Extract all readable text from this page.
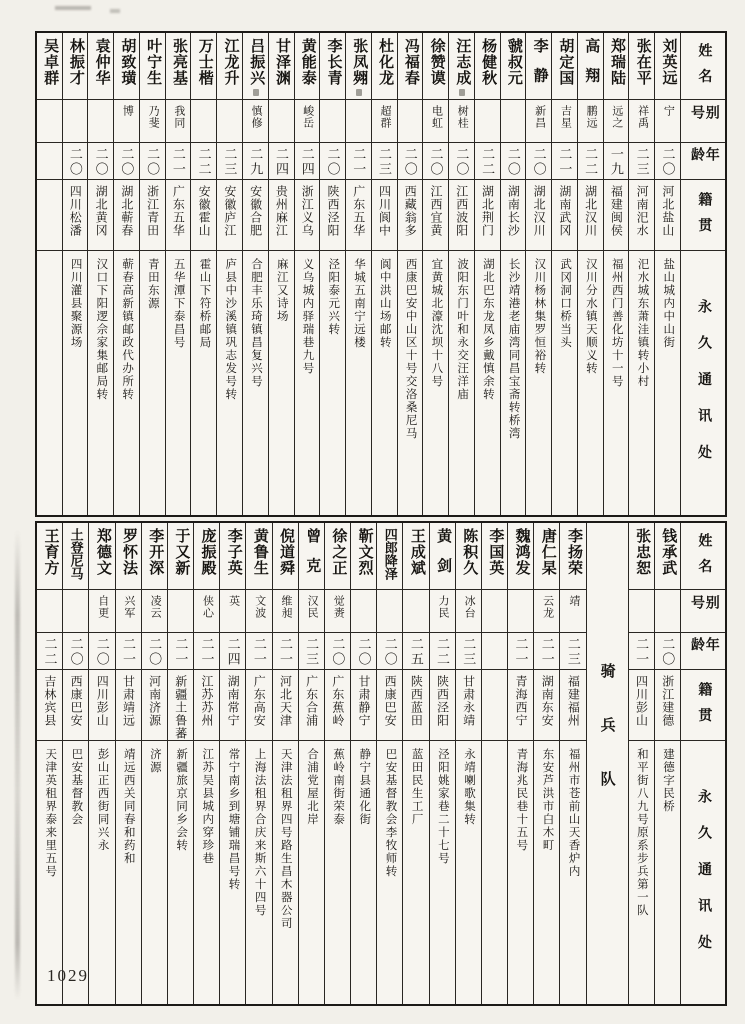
姓名
别号
年龄
籍贯
永久通讯处
刘英远
宁
二〇
河北盐山
盐山城内中山街
张在平
祥禹
二三
河南汜水
汜水城东萧洼镇转小村
郑瑞陆
远之
一九
福建闽侯
福州西门善化坊十一号
高翔
鹏远
二二
湖北汉川
汉川分水镇天顺义转
胡定国
吉星
二一
湖南武冈
武冈洞口桥当头
李静
新昌
二〇
湖北汉川
汉川杨林集罗恒裕转
虢叔元
二〇
湖南长沙
长沙靖港老庙湾同昌宝斋转桥湾
杨健秋
二二
湖北荆门
湖北巴东龙凤乡戴慎余转
汪志成
树桂
二〇
江西波阳
波阳东门叶和永交汪洋庙
徐赞谟
电虹
二〇
江西宜黄
宜黄城北濠沈坝十八号
冯福春
二〇
西藏翁多
西康巴安中山区十号交洛桑尼马
杜化龙
超群
二三
四川阆中
阆中洪山场邮转
张凤翙
二一
广东五华
华城五南宁远楼
李长青
二〇
陕西泾阳
泾阳泰元兴转
黄能泰
峻岳
二四
浙江义乌
义乌城内驿瑞巷九号
甘泽渊
二四
贵州麻江
麻江又诗场
吕振兴
慎修
二九
安徽合肥
合肥丰乐琦镇昌复兴号
江龙升
二三
安徽庐江
庐县中沙溪镇巩志发号转
万士楷
二二
安徽霍山
霍山下符桥邮局
张亮基
我同
二一
广东五华
五华潭下泰昌号
叶宁生
乃斐
二〇
浙江青田
青田东源
胡致璜
博
二〇
湖北蕲春
蕲春高新镇邮政代办所转
袁仲华
二〇
湖北黄冈
汉口下阳逻佘家集邮局转
林振才
二〇
四川松潘
四川灌县聚源场
吴卓群
姓名
别号
年龄
籍贯
永久通讯处
钱承武
二〇
浙江建德
建德字民桥
张忠恕
二一
四川彭山
和平街八九号原系步兵第一队
骑兵队
李扬荣
靖
二三
福建福州
福州市苍前山天香炉内
唐仁杲
云龙
二一
湖南东安
东安芦洪市白木町
魏鸿发
二一
青海西宁
青海兆民巷十五号
李国英
陈积久
冰台
二三
甘肃永靖
永靖喇歌集转
黄剑
力民
二二
陕西泾阳
泾阳姚家巷二十七号
王成斌
二五
陕西蓝田
蓝田民生工厂
四郎降泽
二〇
西康巴安
巴安基督教会李牧师转
靳文烈
二〇
甘肃静宁
静宁县通化街
徐之正
觉赉
二〇
广东蕉岭
蕉岭南街荣泰
曾克
汉民
二三
广东合浦
合浦党屋北岸
倪道舜
维昶
二一
河北天津
天津法租界四号路生昌木器公司
黄鲁生
文波
二一
广东高安
上海法租界合庆来斯六十四号
李子英
英
二四
湖南常宁
常宁南乡到塘铺瑞昌号转
庞振殿
侠心
二一
江苏苏州
江苏吴县城内穿珍巷
于又新
二一
新疆土鲁蕃
新疆旅京同乡会转
李开深
凌云
二〇
河南济源
济源
罗怀法
兴军
二一
甘肃靖远
靖远西关同春和药和
郑德文
自更
二〇
四川彭山
彭山正西街同兴永
土登尼马
二〇
西康巴安
巴安基督教会
王育方
二二
吉林宾县
天津英租界泰来里五号
1029
